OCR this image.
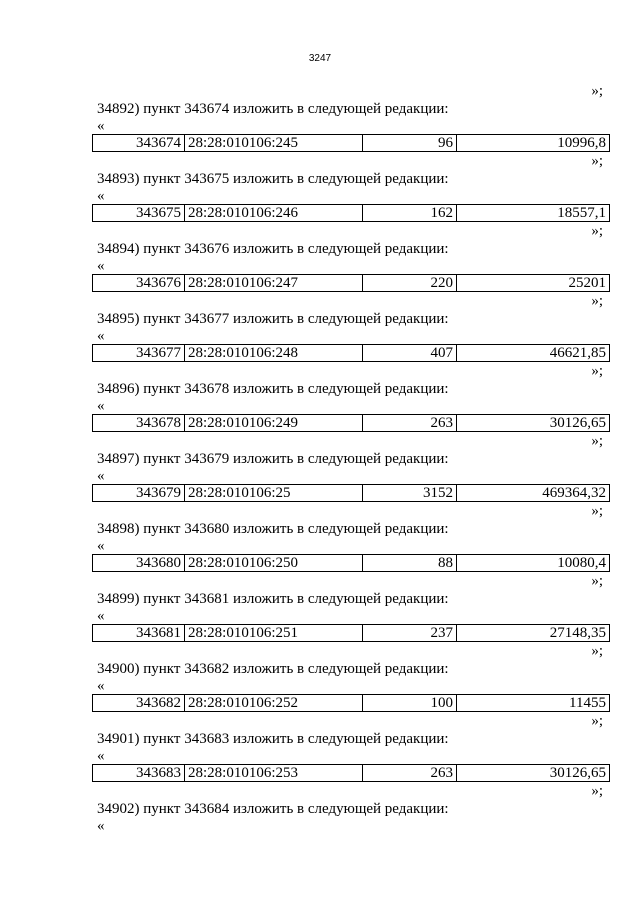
3247
»;
34892) пункт 343674 изложить в следующей редакции:
«
343674	28:28:010106:245	96	10996,8
»;
34893) пункт 343675 изложить в следующей редакции:
«
343675	28:28:010106:246	162	18557,1
»;
34894) пункт 343676 изложить в следующей редакции:
«
343676	28:28:010106:247	220	25201
»;
34895) пункт 343677 изложить в следующей редакции:
«
343677	28:28:010106:248	407	46621,85
»;
34896) пункт 343678 изложить в следующей редакции:
«
343678	28:28:010106:249	263	30126,65
»;
34897) пункт 343679 изложить в следующей редакции:
«
343679	28:28:010106:25	3152	469364,32
»;
34898) пункт 343680 изложить в следующей редакции:
«
343680	28:28:010106:250	88	10080,4
»;
34899) пункт 343681 изложить в следующей редакции:
«
343681	28:28:010106:251	237	27148,35
»;
34900) пункт 343682 изложить в следующей редакции:
«
343682	28:28:010106:252	100	11455
»;
34901) пункт 343683 изложить в следующей редакции:
«
343683	28:28:010106:253	263	30126,65
»;
34902) пункт 343684 изложить в следующей редакции:
«
